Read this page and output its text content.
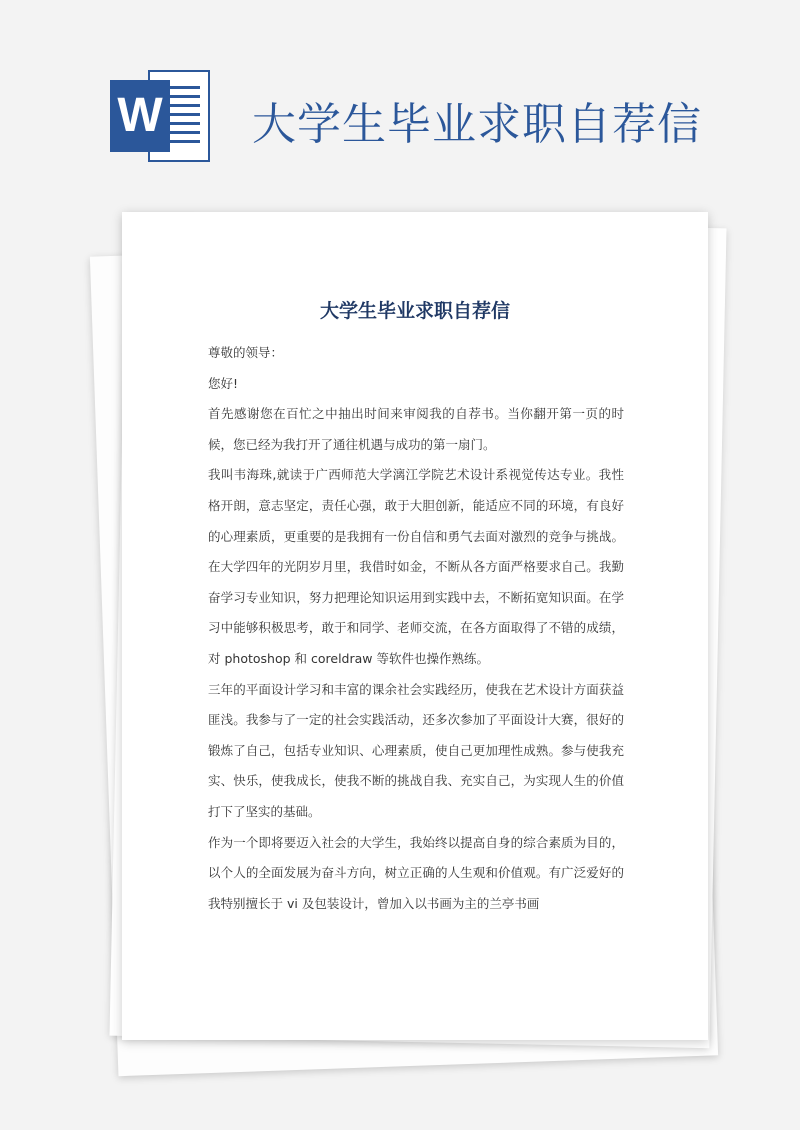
W 大学生毕业求职自荐信
大学生毕业求职自荐信

尊敬的领导：

您好!

首先感谢您在百忙之中抽出时间来审阅我的自荐书。当你翻开第一页的时候，您已经为我打开了通往机遇与成功的第一扇门。

我叫韦海珠,就读于广西师范大学漓江学院艺术设计系视觉传达专业。我性格开朗，意志坚定，责任心强，敢于大胆创新，能适应不同的环境，有良好的心理素质，更重要的是我拥有一份自信和勇气去面对激烈的竞争与挑战。在大学四年的光阴岁月里，我借时如金，不断从各方面严格要求自己。我勤奋学习专业知识，努力把理论知识运用到实践中去，不断拓宽知识面。在学习中能够积极思考，敢于和同学、老师交流，在各方面取得了不错的成绩，对 photoshop 和 coreldraw 等软件也操作熟练。

三年的平面设计学习和丰富的课余社会实践经历，使我在艺术设计方面获益匪浅。我参与了一定的社会实践活动，还多次参加了平面设计大赛，很好的锻炼了自己，包括专业知识、心理素质，使自己更加理性成熟。参与使我充实、快乐，使我成长，使我不断的挑战自我、充实自己，为实现人生的价值打下了坚实的基础。

作为一个即将要迈入社会的大学生，我始终以提高自身的综合素质为目的，以个人的全面发展为奋斗方向，树立正确的人生观和价值观。有广泛爱好的我特别擅长于 vi 及包装设计，曾加入以书画为主的兰亭书画
